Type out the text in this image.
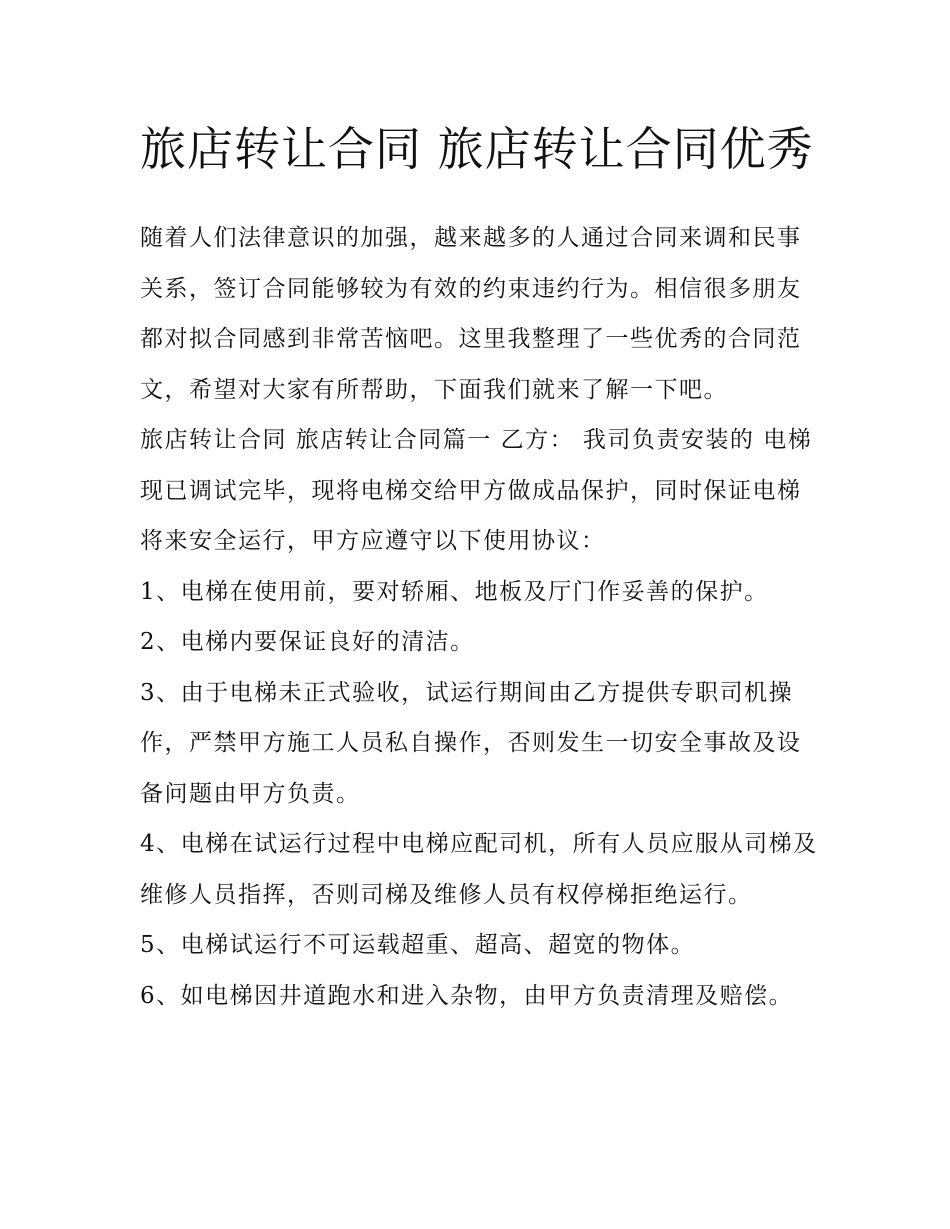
旅店转让合同 旅店转让合同优秀

随着人们法律意识的加强，越来越多的人通过合同来调和民事关系，签订合同能够较为有效的约束违约行为。相信很多朋友都对拟合同感到非常苦恼吧。这里我整理了一些优秀的合同范文，希望对大家有所帮助，下面我们就来了解一下吧。

旅店转让合同 旅店转让合同篇一 乙方： 我司负责安装的 电梯现已调试完毕，现将电梯交给甲方做成品保护，同时保证电梯将来安全运行，甲方应遵守以下使用协议：

1、电梯在使用前，要对轿厢、地板及厅门作妥善的保护。

2、电梯内要保证良好的清洁。

3、由于电梯未正式验收，试运行期间由乙方提供专职司机操作，严禁甲方施工人员私自操作，否则发生一切安全事故及设备问题由甲方负责。

4、电梯在试运行过程中电梯应配司机，所有人员应服从司梯及维修人员指挥，否则司梯及维修人员有权停梯拒绝运行。

5、电梯试运行不可运载超重、超高、超宽的物体。

6、如电梯因井道跑水和进入杂物，由甲方负责清理及赔偿。
